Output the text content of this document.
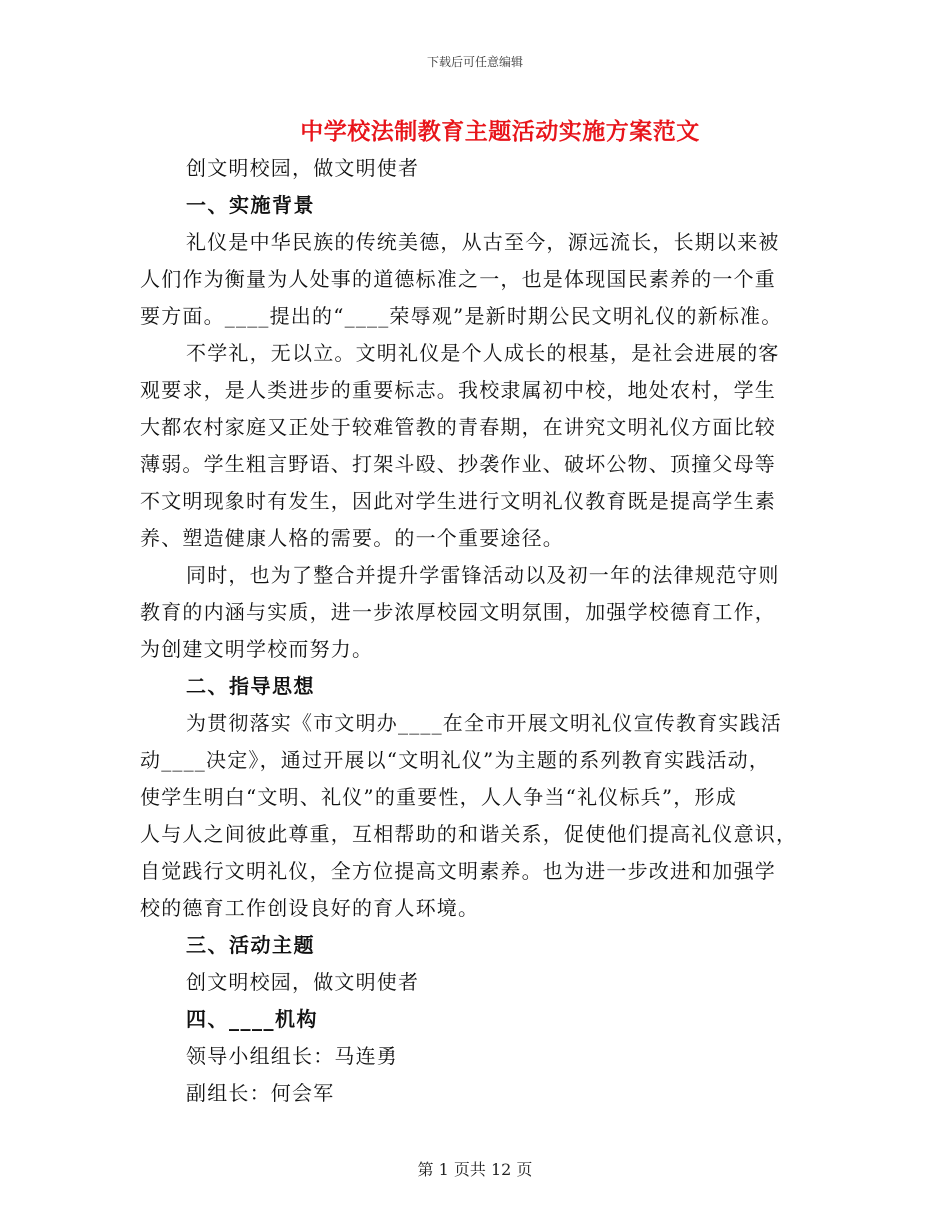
下载后可任意编辑
中学校法制教育主题活动实施方案范文
创文明校园，做文明使者
一、实施背景
礼仪是中华民族的传统美德，从古至今，源远流长，长期以来被
人们作为衡量为人处事的道德标准之一，也是体现国民素养的一个重
要方面。____提出的“____荣辱观”是新时期公民文明礼仪的新标准。
不学礼，无以立。文明礼仪是个人成长的根基，是社会进展的客
观要求，是人类进步的重要标志。我校隶属初中校，地处农村，学生
大都农村家庭又正处于较难管教的青春期，在讲究文明礼仪方面比较
薄弱。学生粗言野语、打架斗殴、抄袭作业、破坏公物、顶撞父母等
不文明现象时有发生，因此对学生进行文明礼仪教育既是提高学生素
养、塑造健康人格的需要。的一个重要途径。
同时，也为了整合并提升学雷锋活动以及初一年的法律规范守则
教育的内涵与实质，进一步浓厚校园文明氛围，加强学校德育工作，
为创建文明学校而努力。
二、指导思想
为贯彻落实《市文明办____在全市开展文明礼仪宣传教育实践活
动____决定》，通过开展以“文明礼仪”为主题的系列教育实践活动，
使学生明白“文明、礼仪”的重要性，人人争当“礼仪标兵”，形成
人与人之间彼此尊重，互相帮助的和谐关系，促使他们提高礼仪意识，
自觉践行文明礼仪，全方位提高文明素养。也为进一步改进和加强学
校的德育工作创设良好的育人环境。
三、活动主题
创文明校园，做文明使者
四、____机构
领导小组组长：马连勇
副组长：何会军
第 1 页共 12 页
